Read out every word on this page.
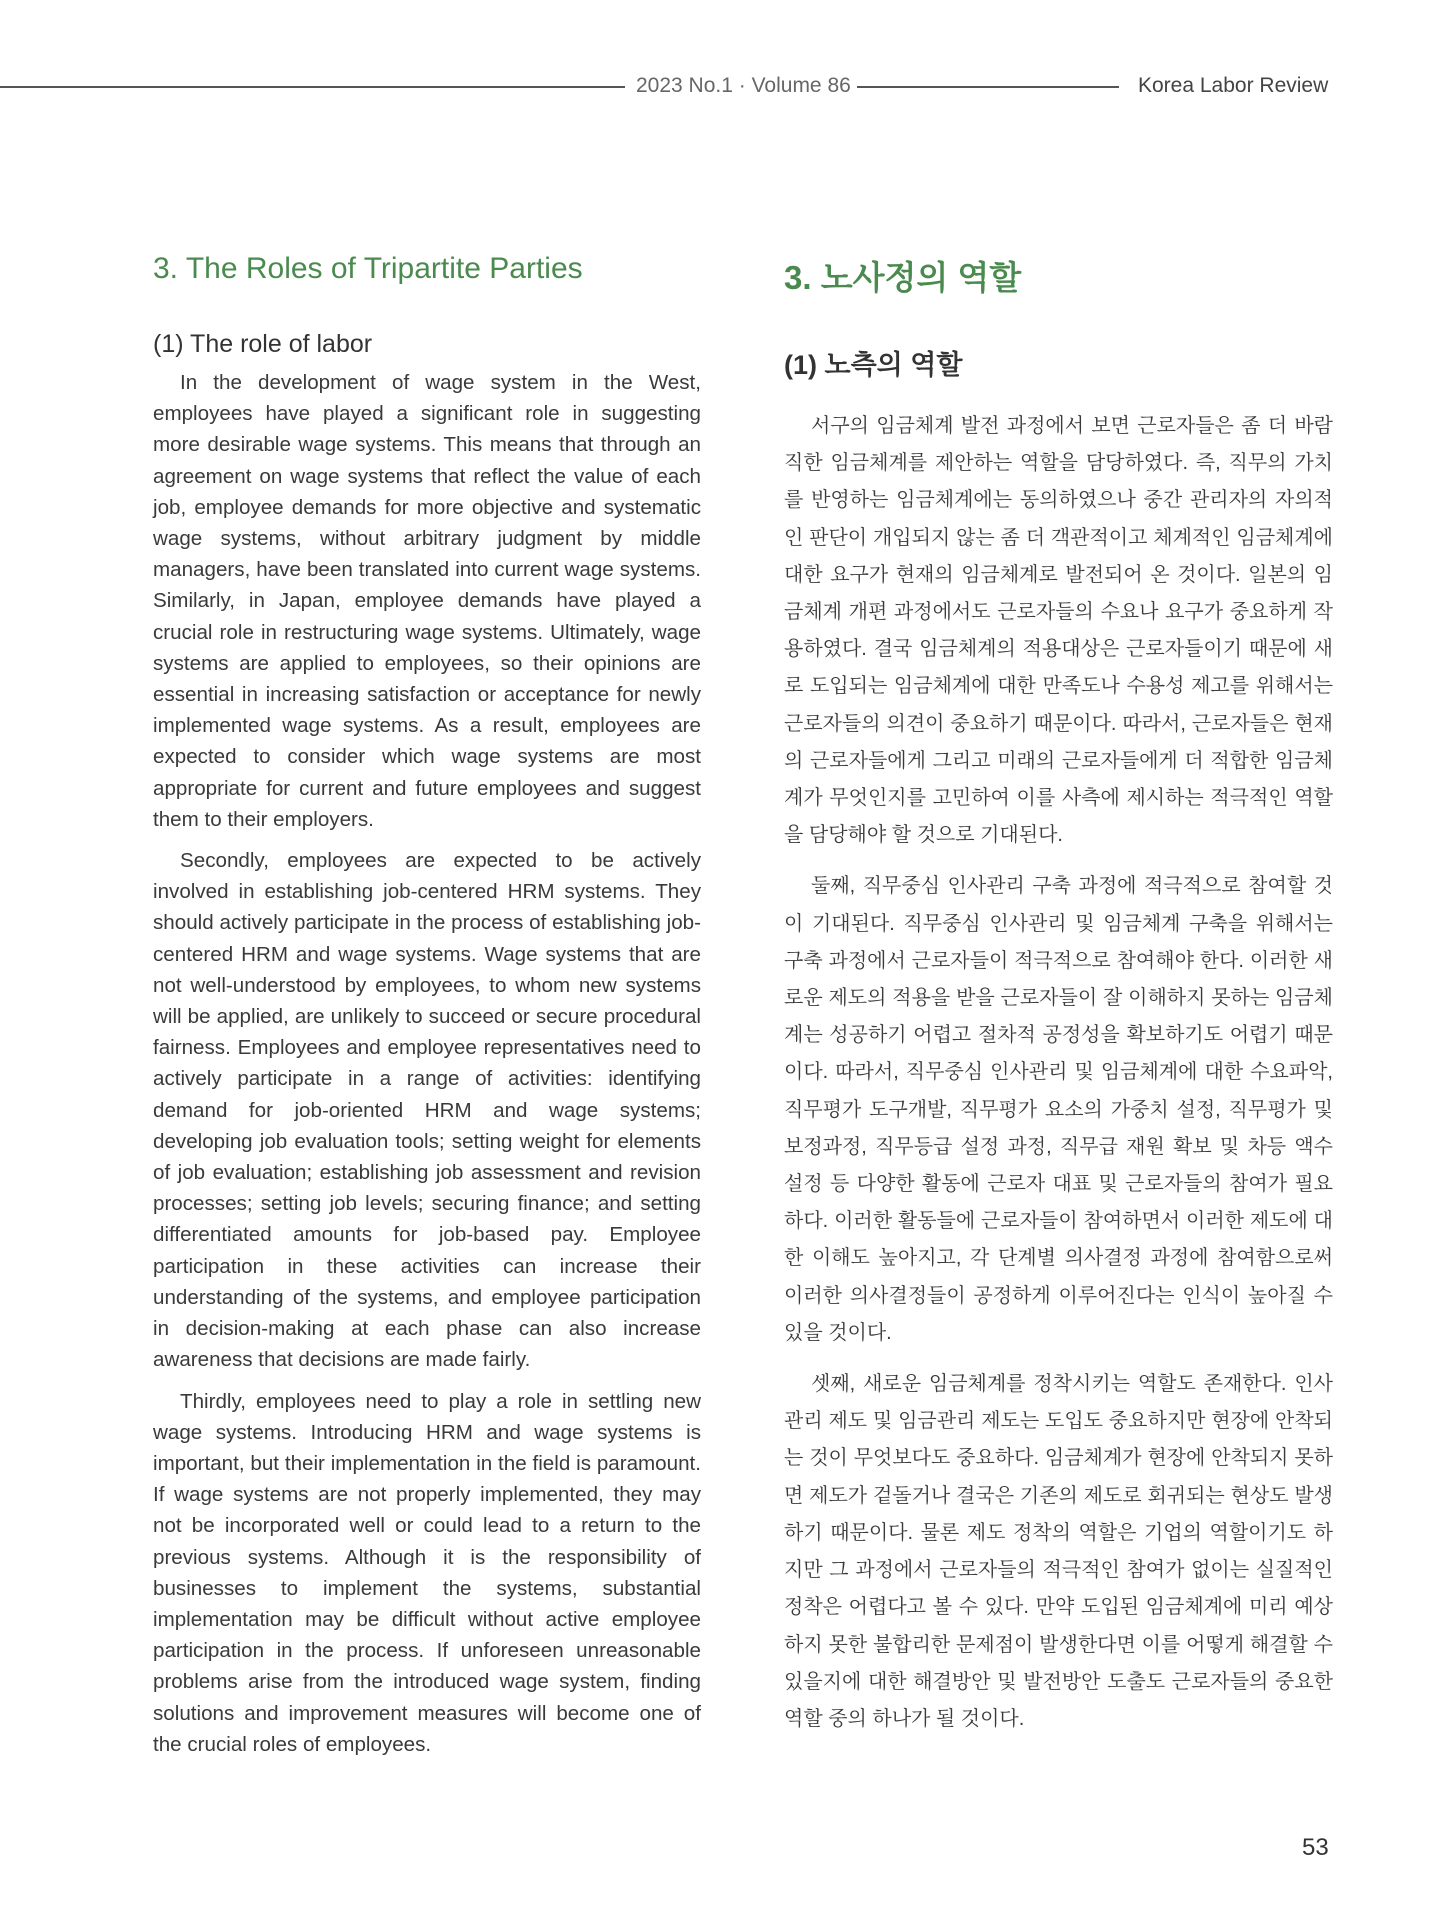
2023 No.1 · Volume 86	Korea Labor Review
3. The Roles of Tripartite Parties
(1) The role of labor

In the development of wage system in the West, employees have played a significant role in suggesting more desirable wage systems. This means that through an agreement on wage systems that reflect the value of each job, employee demands for more objective and systematic wage systems, without arbitrary judgment by middle managers, have been translated into current wage systems. Similarly, in Japan, employee demands have played a crucial role in restructuring wage systems. Ultimately, wage systems are applied to employees, so their opinions are essential in increasing satisfaction or acceptance for newly implemented wage systems. As a result, employees are expected to consider which wage systems are most appropriate for current and future employees and suggest them to their employers.

Secondly, employees are expected to be actively involved in establishing job-centered HRM systems. They should actively participate in the process of establishing job-centered HRM and wage systems. Wage systems that are not well-understood by employees, to whom new systems will be applied, are unlikely to succeed or secure procedural fairness. Employees and employee representatives need to actively participate in a range of activities: identifying demand for job-oriented HRM and wage systems; developing job evaluation tools; setting weight for elements of job evaluation; establishing job assessment and revision processes; setting job levels; securing finance; and setting differentiated amounts for job-based pay. Employee participation in these activities can increase their understanding of the systems, and employee participation in decision-making at each phase can also increase awareness that decisions are made fairly.

Thirdly, employees need to play a role in settling new wage systems. Introducing HRM and wage systems is important, but their implementation in the field is paramount. If wage systems are not properly implemented, they may not be incorporated well or could lead to a return to the previous systems. Although it is the responsibility of businesses to implement the systems, substantial implementation may be difficult without active employee participation in the process. If unforeseen unreasonable problems arise from the introduced wage system, finding solutions and improvement measures will become one of the crucial roles of employees.

3. 노사정의 역할
(1) 노측의 역할

서구의 임금체계 발전 과정에서 보면 근로자들은 좀 더 바람직한 임금체계를 제안하는 역할을 담당하였다. 즉, 직무의 가치를 반영하는 임금체계에는 동의하였으나 중간 관리자의 자의적인 판단이 개입되지 않는 좀 더 객관적이고 체계적인 임금체계에 대한 요구가 현재의 임금체계로 발전되어 온 것이다. 일본의 임금체계 개편 과정에서도 근로자들의 수요나 요구가 중요하게 작용하였다. 결국 임금체계의 적용대상은 근로자들이기 때문에 새로 도입되는 임금체계에 대한 만족도나 수용성 제고를 위해서는 근로자들의 의견이 중요하기 때문이다. 따라서, 근로자들은 현재의 근로자들에게 그리고 미래의 근로자들에게 더 적합한 임금체계가 무엇인지를 고민하여 이를 사측에 제시하는 적극적인 역할을 담당해야 할 것으로 기대된다.

둘째, 직무중심 인사관리 구축 과정에 적극적으로 참여할 것이 기대된다. 직무중심 인사관리 및 임금체계 구축을 위해서는 구축 과정에서 근로자들이 적극적으로 참여해야 한다. 이러한 새로운 제도의 적용을 받을 근로자들이 잘 이해하지 못하는 임금체계는 성공하기 어렵고 절차적 공정성을 확보하기도 어렵기 때문이다. 따라서, 직무중심 인사관리 및 임금체계에 대한 수요파악, 직무평가 도구개발, 직무평가 요소의 가중치 설정, 직무평가 및 보정과정, 직무등급 설정 과정, 직무급 재원 확보 및 차등 액수 설정 등 다양한 활동에 근로자 대표 및 근로자들의 참여가 필요하다. 이러한 활동들에 근로자들이 참여하면서 이러한 제도에 대한 이해도 높아지고, 각 단계별 의사결정 과정에 참여함으로써 이러한 의사결정들이 공정하게 이루어진다는 인식이 높아질 수 있을 것이다.

셋째, 새로운 임금체계를 정착시키는 역할도 존재한다. 인사관리 제도 및 임금관리 제도는 도입도 중요하지만 현장에 안착되는 것이 무엇보다도 중요하다. 임금체계가 현장에 안착되지 못하면 제도가 겉돌거나 결국은 기존의 제도로 회귀되는 현상도 발생하기 때문이다. 물론 제도 정착의 역할은 기업의 역할이기도 하지만 그 과정에서 근로자들의 적극적인 참여가 없이는 실질적인 정착은 어렵다고 볼 수 있다. 만약 도입된 임금체계에 미리 예상하지 못한 불합리한 문제점이 발생한다면 이를 어떻게 해결할 수 있을지에 대한 해결방안 및 발전방안 도출도 근로자들의 중요한 역할 중의 하나가 될 것이다.

53
